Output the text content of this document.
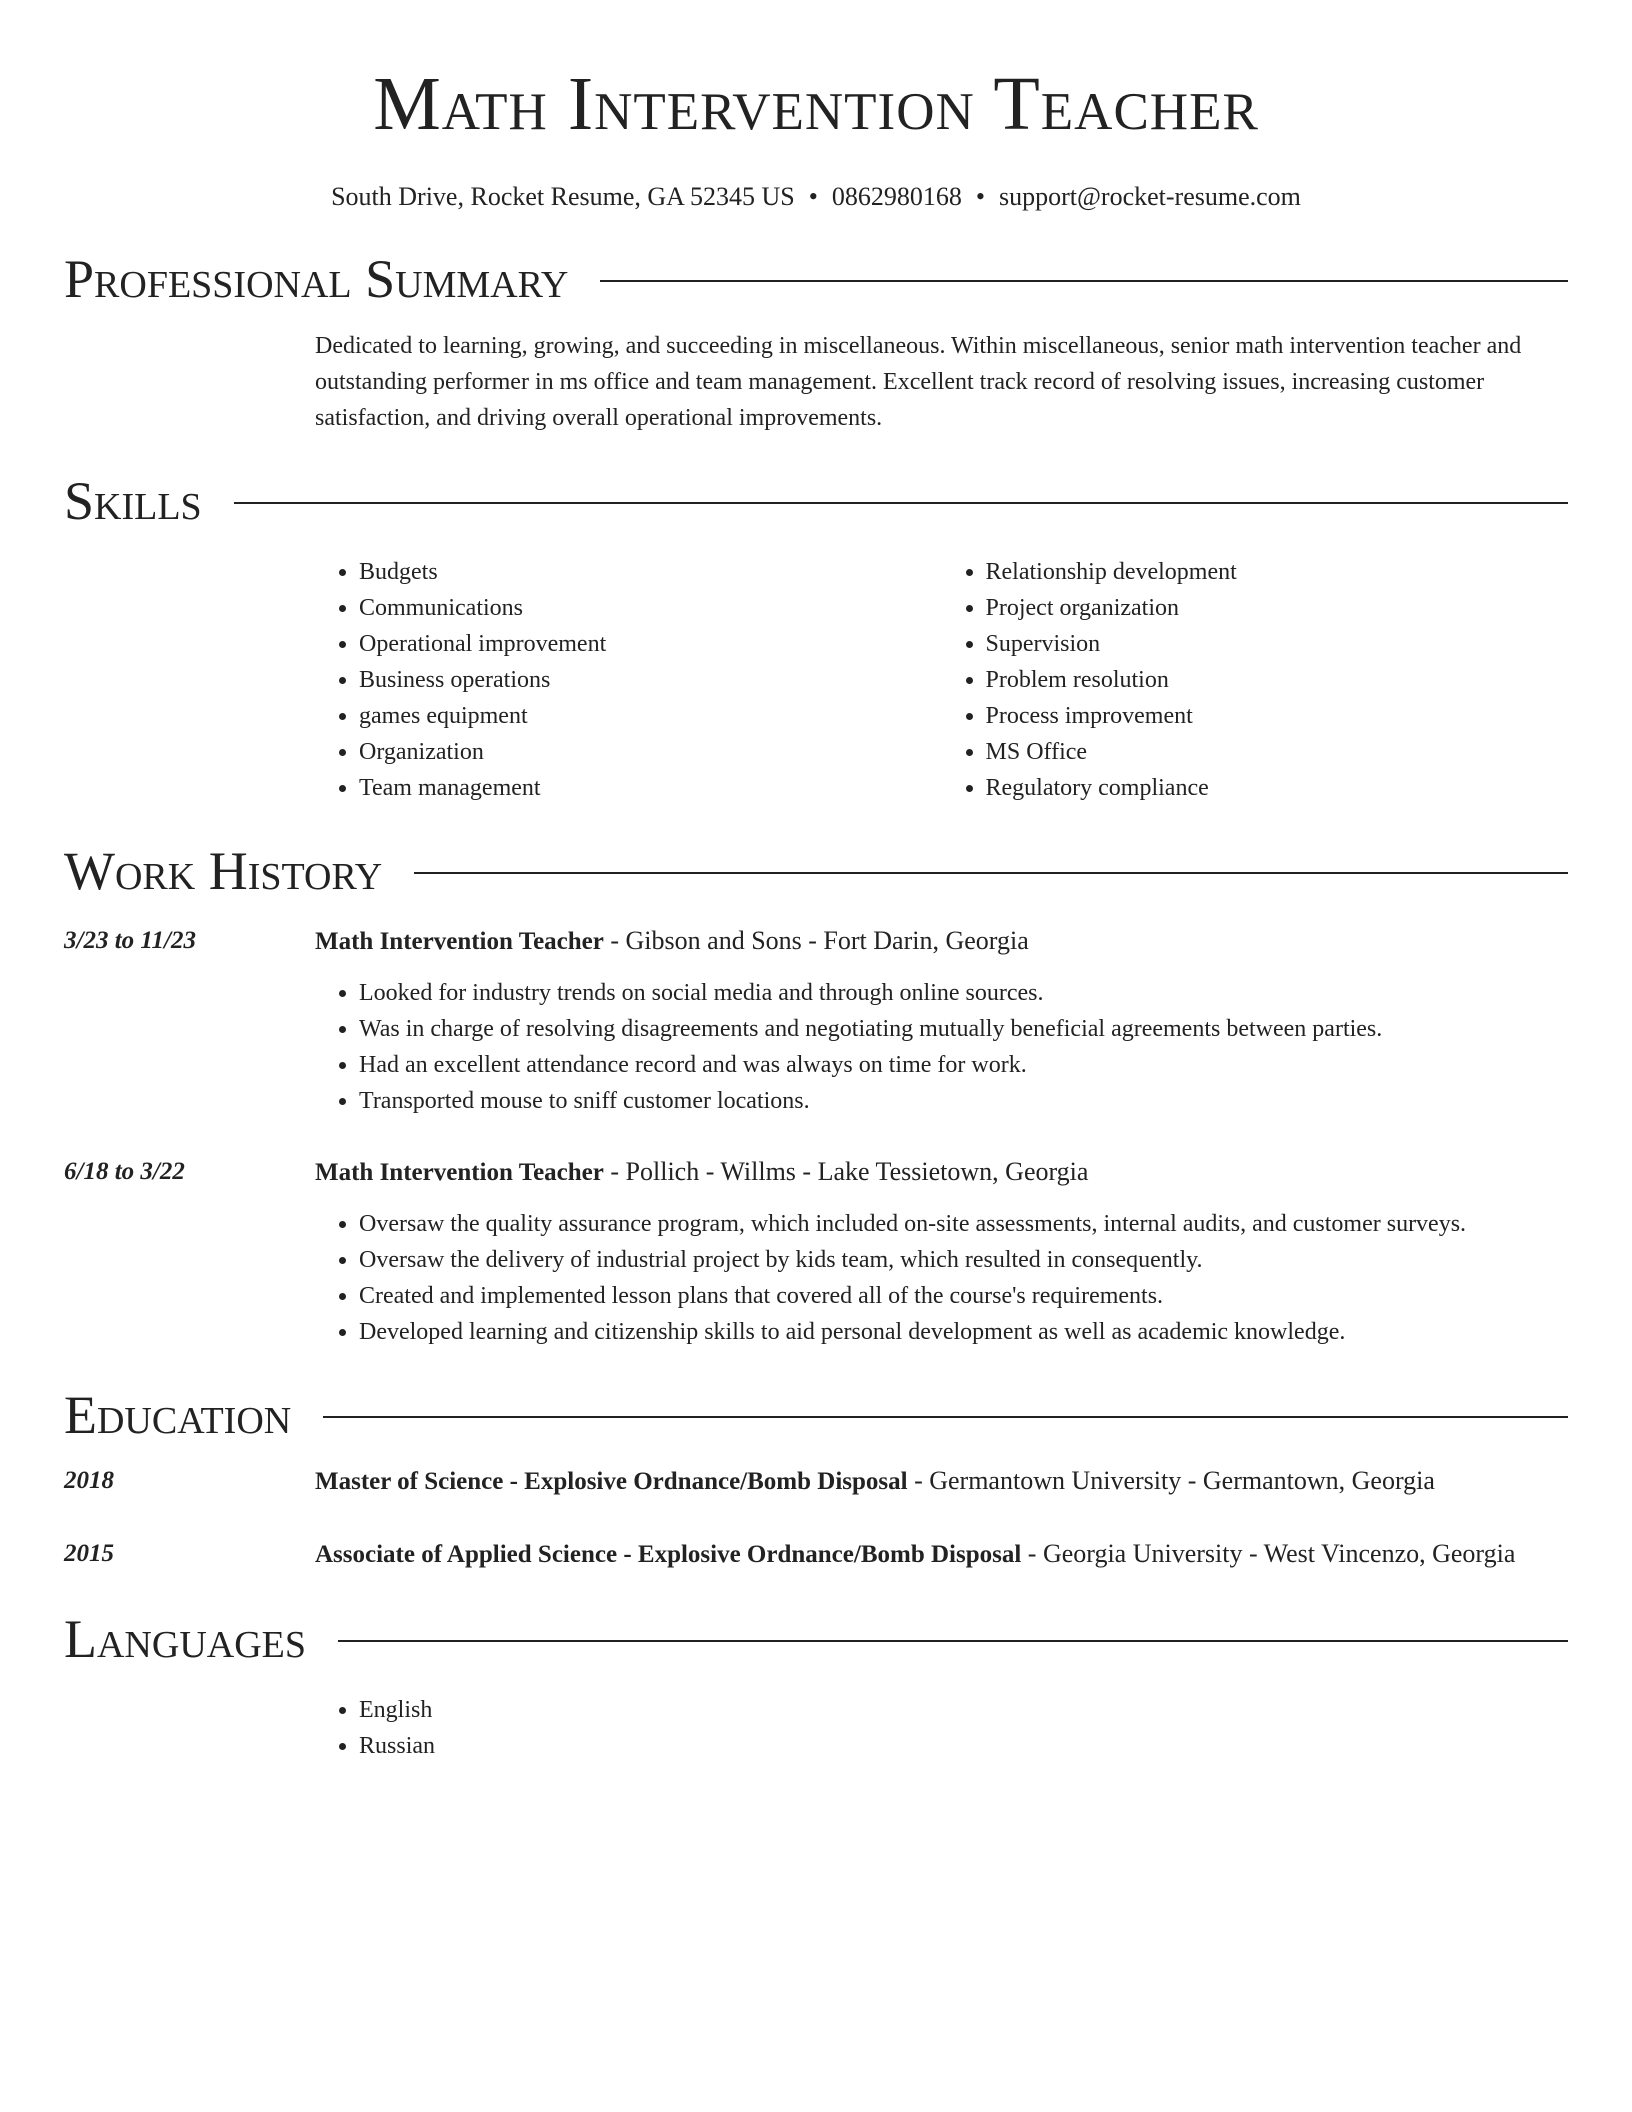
Math Intervention Teacher
South Drive, Rocket Resume, GA 52345 US • 0862980168 • support@rocket-resume.com
Professional Summary
Dedicated to learning, growing, and succeeding in miscellaneous. Within miscellaneous, senior math intervention teacher and outstanding performer in ms office and team management. Excellent track record of resolving issues, increasing customer satisfaction, and driving overall operational improvements.
Skills
• Budgets
• Communications
• Operational improvement
• Business operations
• games equipment
• Organization
• Team management
• Relationship development
• Project organization
• Supervision
• Problem resolution
• Process improvement
• MS Office
• Regulatory compliance
Work History
3/23 to 11/23	Math Intervention Teacher - Gibson and Sons - Fort Darin, Georgia
• Looked for industry trends on social media and through online sources.
• Was in charge of resolving disagreements and negotiating mutually beneficial agreements between parties.
• Had an excellent attendance record and was always on time for work.
• Transported mouse to sniff customer locations.
6/18 to 3/22	Math Intervention Teacher - Pollich - Willms - Lake Tessietown, Georgia
• Oversaw the quality assurance program, which included on-site assessments, internal audits, and customer surveys.
• Oversaw the delivery of industrial project by kids team, which resulted in consequently.
• Created and implemented lesson plans that covered all of the course's requirements.
• Developed learning and citizenship skills to aid personal development as well as academic knowledge.
Education
2018	Master of Science - Explosive Ordnance/Bomb Disposal - Germantown University - Germantown, Georgia
2015	Associate of Applied Science - Explosive Ordnance/Bomb Disposal - Georgia University - West Vincenzo, Georgia
Languages
• English
• Russian
